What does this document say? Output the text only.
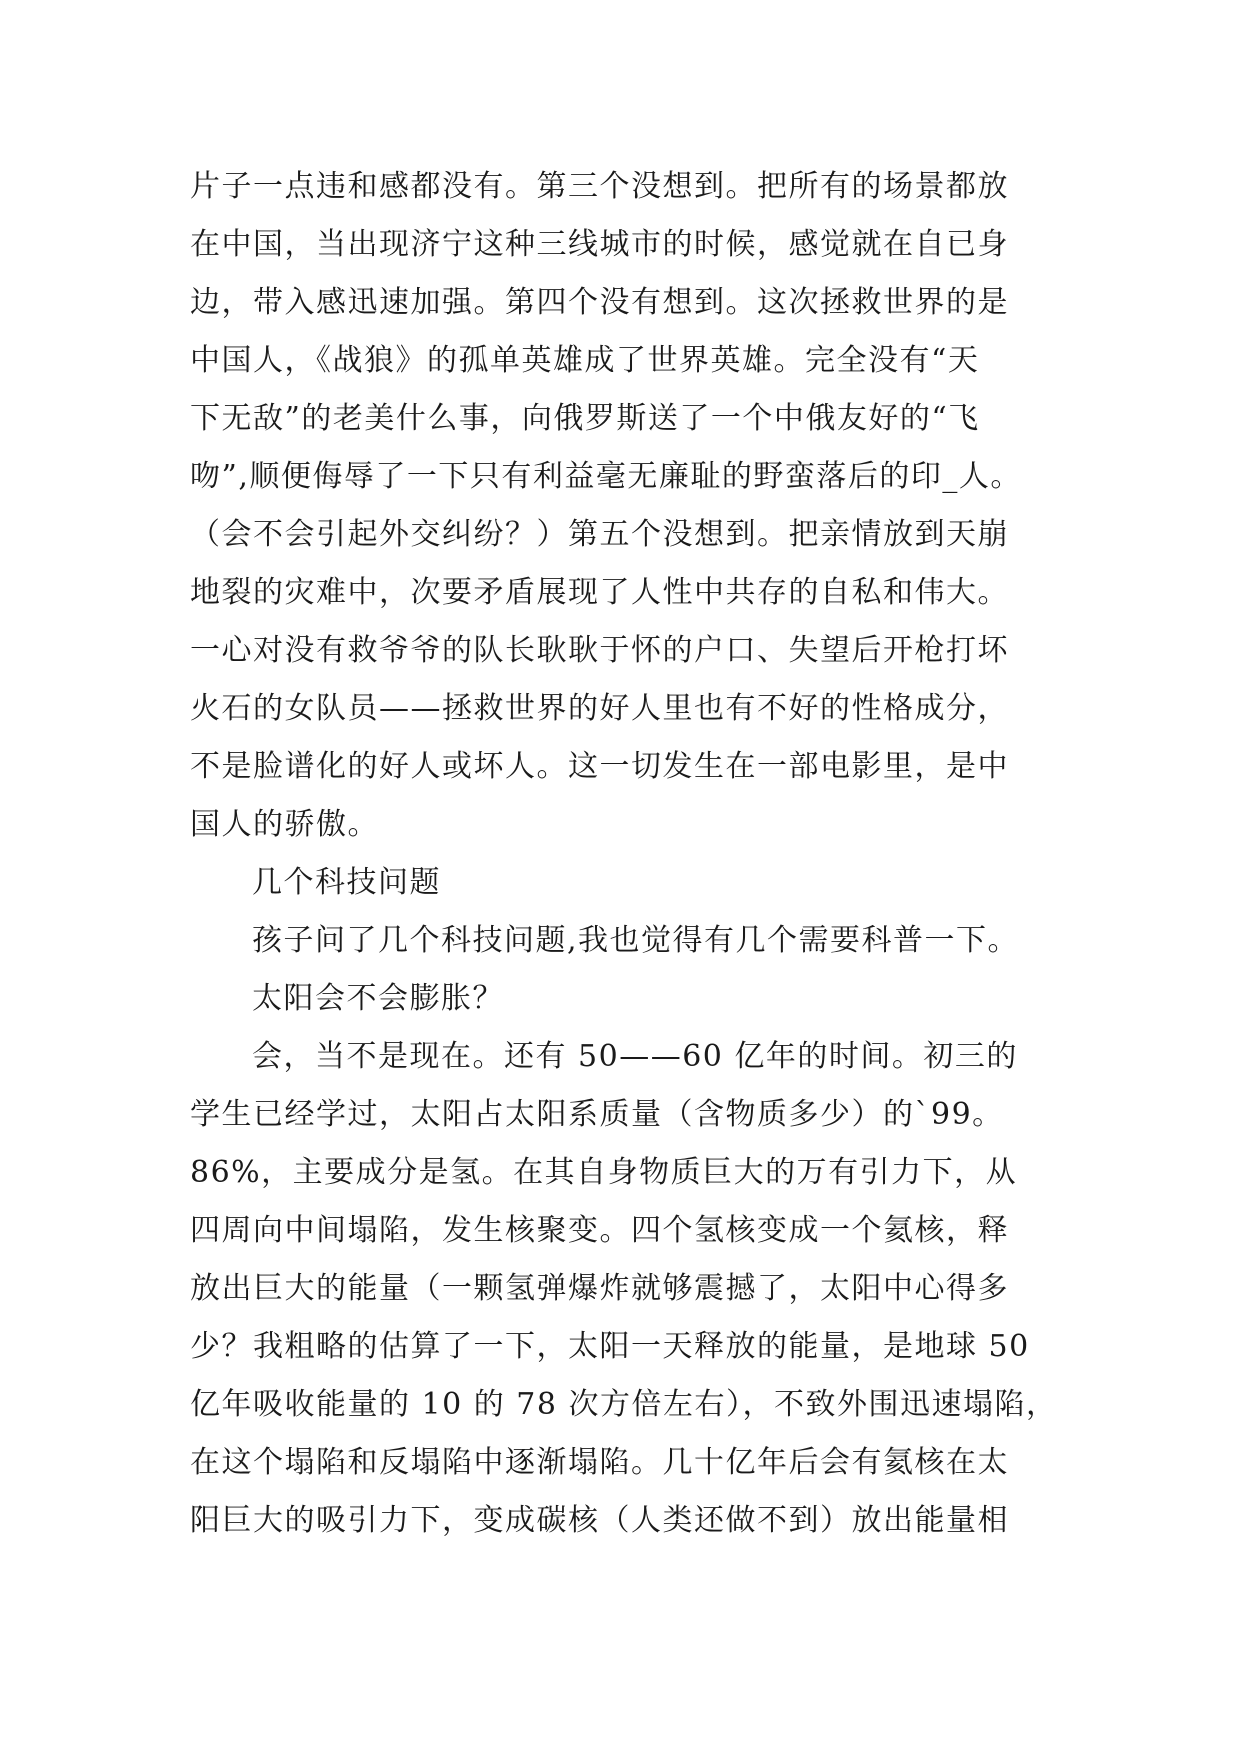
片子一点违和感都没有。第三个没想到。把所有的场景都放
在中国，当出现济宁这种三线城市的时候，感觉就在自已身
边，带入感迅速加强。第四个没有想到。这次拯救世界的是
中国人，《战狼》的孤单英雄成了世界英雄。完全没有“天
下无敌”的老美什么事，向俄罗斯送了一个中俄友好的“飞
吻”,顺便侮辱了一下只有利益毫无廉耻的野蛮落后的印_人。
（会不会引起外交纠纷？）第五个没想到。把亲情放到天崩
地裂的灾难中，次要矛盾展现了人性中共存的自私和伟大。
一心对没有救爷爷的队长耿耿于怀的户口、失望后开枪打坏
火石的女队员——拯救世界的好人里也有不好的性格成分，
不是脸谱化的好人或坏人。这一切发生在一部电影里，是中
国人的骄傲。
几个科技问题
孩子问了几个科技问题,我也觉得有几个需要科普一下。
太阳会不会膨胀？
会，当不是现在。还有 50——60 亿年的时间。初三的
学生已经学过，太阳占太阳系质量（含物质多少）的`99。
86%，主要成分是氢。在其自身物质巨大的万有引力下，从
四周向中间塌陷，发生核聚变。四个氢核变成一个氦核，释
放出巨大的能量（一颗氢弹爆炸就够震撼了，太阳中心得多
少？我粗略的估算了一下，太阳一天释放的能量，是地球 50
亿年吸收能量的 10 的 78 次方倍左右），不致外围迅速塌陷，
在这个塌陷和反塌陷中逐渐塌陷。几十亿年后会有氦核在太
阳巨大的吸引力下，变成碳核（人类还做不到）放出能量相
